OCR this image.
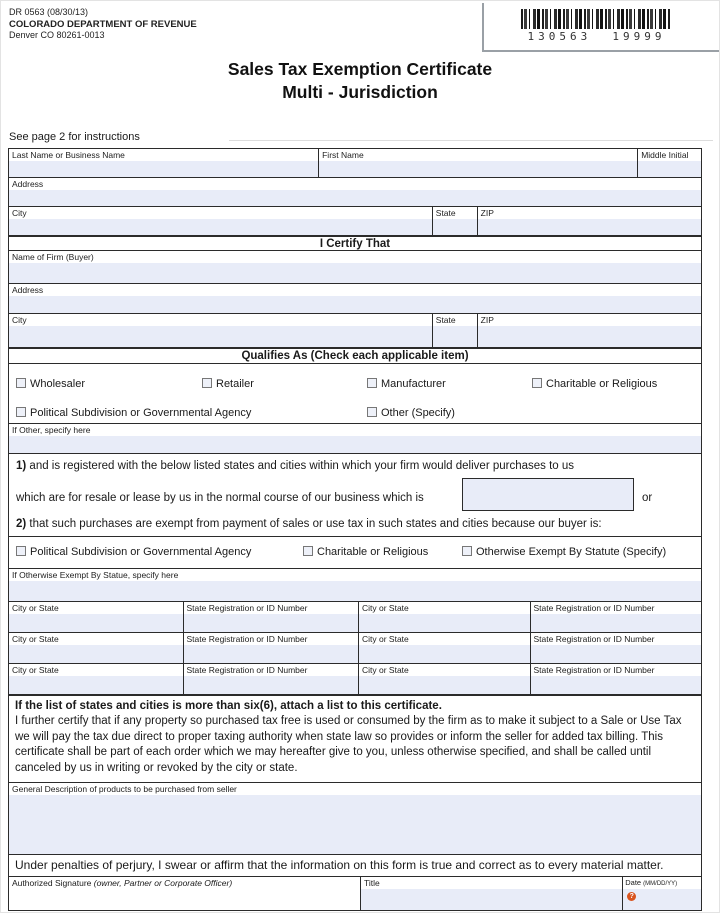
DR 0563 (08/30/13)
COLORADO DEPARTMENT OF REVENUE
Denver CO 80261-0013	130563  19999
Sales Tax Exemption Certificate
Multi - Jurisdiction
See page 2 for instructions
Last Name or Business Name	First Name	Middle Initial
Address
City	State	ZIP
I Certify That
Name of Firm (Buyer)
Address
City	State	ZIP
Qualifies As (Check each applicable item)
Wholesaler	Retailer	Manufacturer	Charitable or Religious
Political Subdivision or Governmental Agency	Other (Specify)
If Other, specify here
1) and is registered with the below listed states and cities within which your firm would deliver purchases to us
which are for resale or lease by us in the normal course of our business which is	or
2) that such purchases are exempt from payment of sales or use tax in such states and cities because our buyer is:
Political Subdivision or Governmental Agency	Charitable or Religious	Otherwise Exempt By Statute (Specify)
If Otherwise Exempt By Statue, specify here
City or State	State Registration or ID Number	City or State	State Registration or ID Number
City or State	State Registration or ID Number	City or State	State Registration or ID Number
City or State	State Registration or ID Number	City or State	State Registration or ID Number
If the list of states and cities is more than six(6), attach a list to this certificate.

I further certify that if any property so purchased tax free is used or consumed by the firm as to make it subject to a Sale or Use Tax we will pay the tax due direct to proper taxing authority when state law so provides or inform the seller for added tax billing. This certificate shall be part of each order which we may hereafter give to you, unless otherwise specified, and shall be called until canceled by us in writing or revoked by the city or state.

General Description of products to be purchased from seller
Under penalties of perjury, I swear or affirm that the information on this form is true and correct as to every material matter.
Authorized Signature (owner, Partner or Corporate Officer)	Title	Date (MM/DD/YY)
?
